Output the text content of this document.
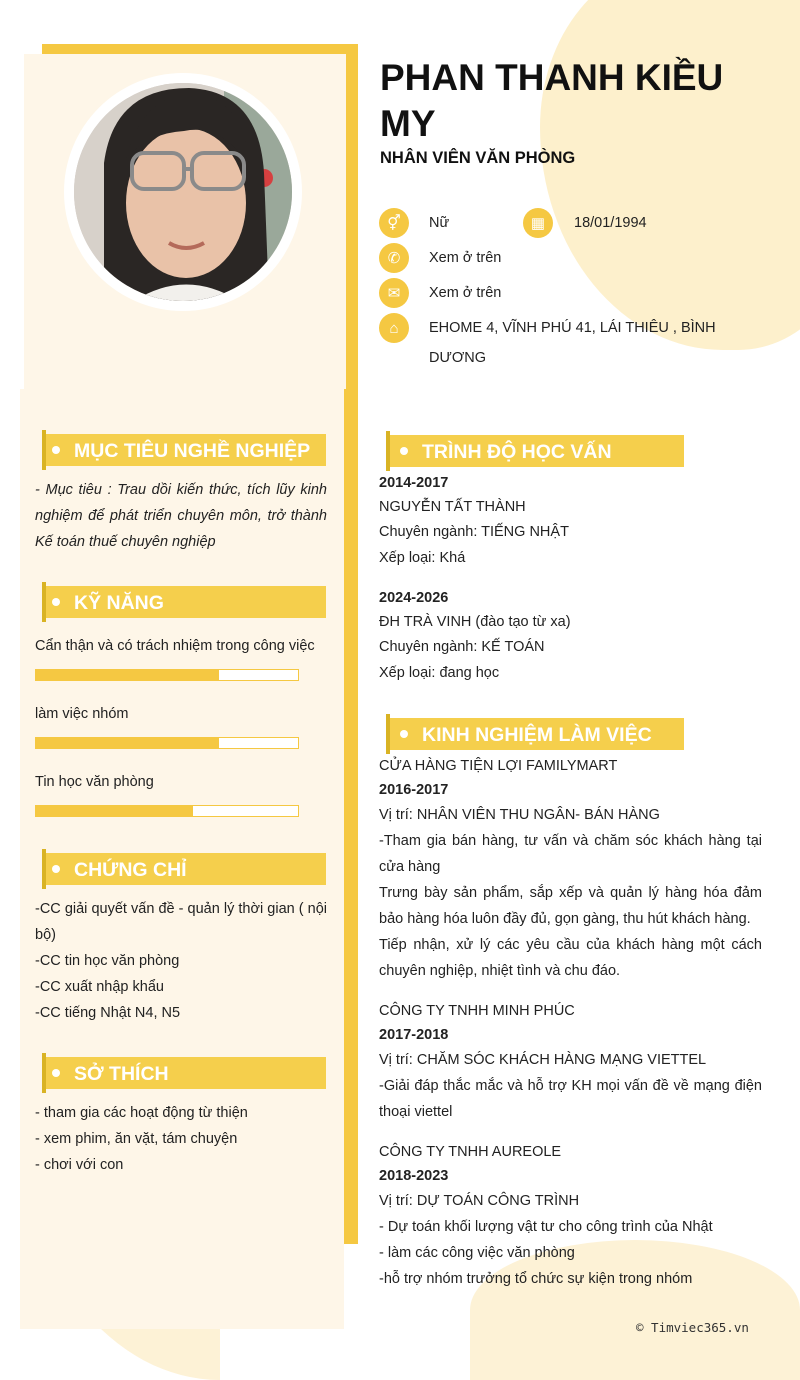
PHAN THANH KIỀU MY
NHÂN VIÊN VĂN PHÒNG
⚥	Nữ	▦	18/01/1994
✆	Xem ở trên
✉	Xem ở trên
⌂	EHOME 4, VĨNH PHÚ 41, LÁI THIÊU , BÌNH DƯƠNG
MỤC TIÊU NGHỀ NGHIỆP

- Mục tiêu : Trau dồi kiến thức, tích lũy kinh nghiệm để phát triển chuyên môn, trở thành Kế toán thuế chuyên nghiệp

KỸ NĂNG
Cẩn thận và có trách nhiệm trong công việc
làm việc nhóm
Tin học văn phòng
CHỨNG CHỈ
-CC giải quyết vấn đề - quản lý thời gian ( nội bộ)
-CC tin học văn phòng
-CC xuất nhập khẩu
-CC tiếng Nhật N4, N5
SỞ THÍCH
- tham gia các hoạt động từ thiện
- xem phim, ăn vặt, tám chuyện
- chơi với con
TRÌNH ĐỘ HỌC VẤN
2014-2017
NGUYỄN TẤT THÀNH
Chuyên ngành: TIẾNG NHẬT
Xếp loại: Khá
2024-2026
ĐH TRÀ VINH (đào tạo từ xa)
Chuyên ngành: KẾ TOÁN
Xếp loại: đang học
KINH NGHIỆM LÀM VIỆC
CỬA HÀNG TIỆN LỢI FAMILYMART
2016-2017
Vị trí: NHÂN VIÊN THU NGÂN- BÁN HÀNG
-Tham gia bán hàng, tư vấn và chăm sóc khách hàng tại cửa hàng
Trưng bày sản phẩm, sắp xếp và quản lý hàng hóa đảm bảo hàng hóa luôn đầy đủ, gọn gàng, thu hút khách hàng.
Tiếp nhận, xử lý các yêu cầu của khách hàng một cách chuyên nghiệp, nhiệt tình và chu đáo.
CÔNG TY TNHH MINH PHÚC
2017-2018
Vị trí: CHĂM SÓC KHÁCH HÀNG MẠNG VIETTEL
-Giải đáp thắc mắc và hỗ trợ KH mọi vấn đề về mạng điện thoại viettel
CÔNG TY TNHH AUREOLE
2018-2023
Vị trí: DỰ TOÁN CÔNG TRÌNH
- Dự toán khối lượng vật tư cho công trình của Nhật
- làm các công việc văn phòng
-hỗ trợ nhóm trưởng tổ chức sự kiện trong nhóm
© Timviec365.vn
